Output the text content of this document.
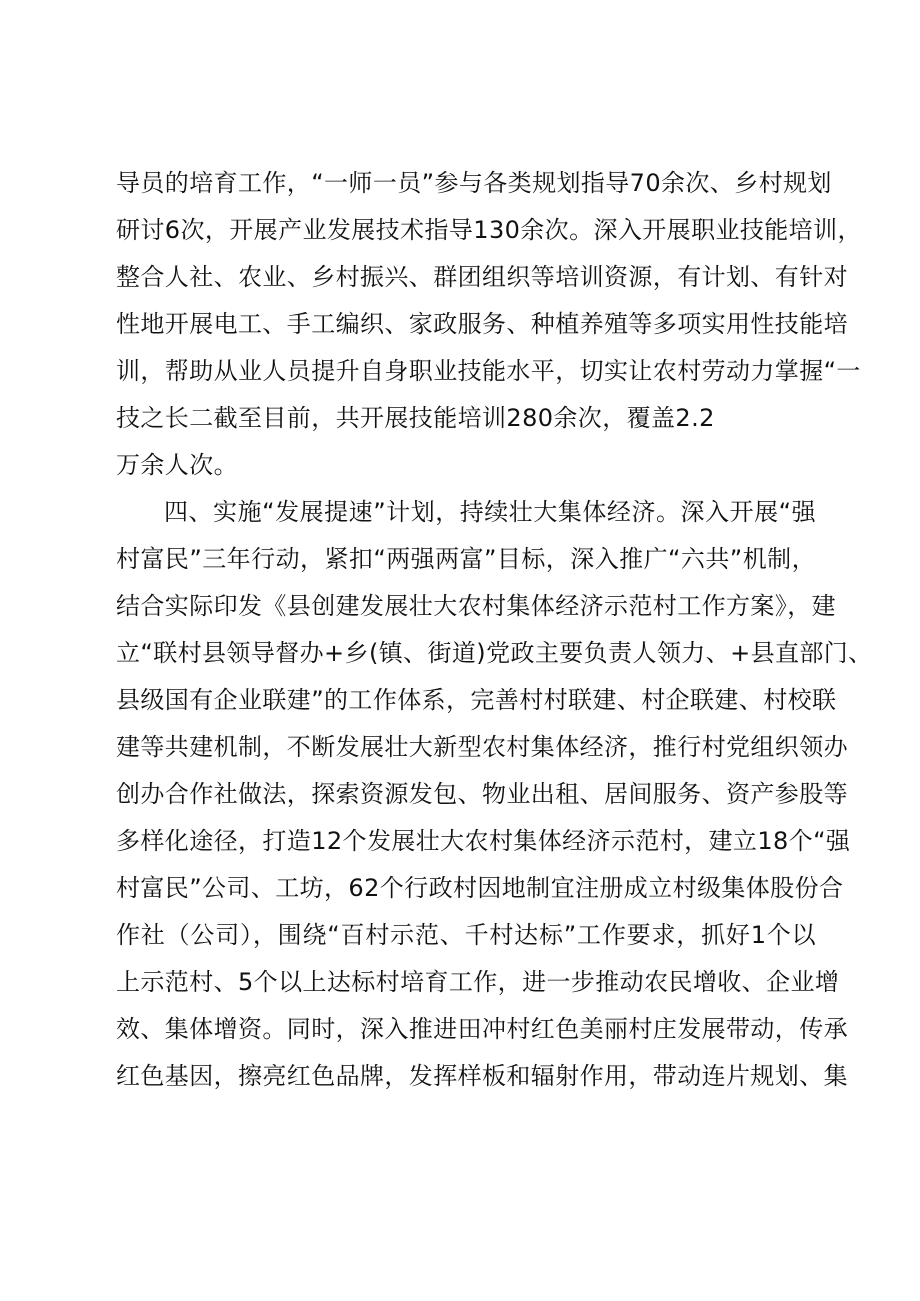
导员的培育工作，“一师一员”参与各类规划指导70余次、乡村规划
研讨6次，开展产业发展技术指导130余次。深入开展职业技能培训，
整合人社、农业、乡村振兴、群团组织等培训资源，有计划、有针对
性地开展电工、手工编织、家政服务、种植养殖等多项实用性技能培
训，帮助从业人员提升自身职业技能水平，切实让农村劳动力掌握“一
技之长二截至目前，共开展技能培训280余次，覆盖2.2
万余人次。
四、实施“发展提速”计划，持续壮大集体经济。深入开展“强
村富民”三年行动，紧扣“两强两富”目标，深入推广“六共”机制，
结合实际印发《县创建发展壮大农村集体经济示范村工作方案》，建
立“联村县领导督办+乡(镇、街道)党政主要负责人领力、+县直部门、
县级国有企业联建”的工作体系，完善村村联建、村企联建、村校联
建等共建机制，不断发展壮大新型农村集体经济，推行村党组织领办
创办合作社做法，探索资源发包、物业出租、居间服务、资产参股等
多样化途径，打造12个发展壮大农村集体经济示范村，建立18个“强
村富民”公司、工坊，62个行政村因地制宜注册成立村级集体股份合
作社（公司），围绕“百村示范、千村达标”工作要求，抓好1个以
上示范村、5个以上达标村培育工作，进一步推动农民增收、企业增
效、集体增资。同时，深入推进田冲村红色美丽村庄发展带动，传承
红色基因，擦亮红色品牌，发挥样板和辐射作用，带动连片规划、集
